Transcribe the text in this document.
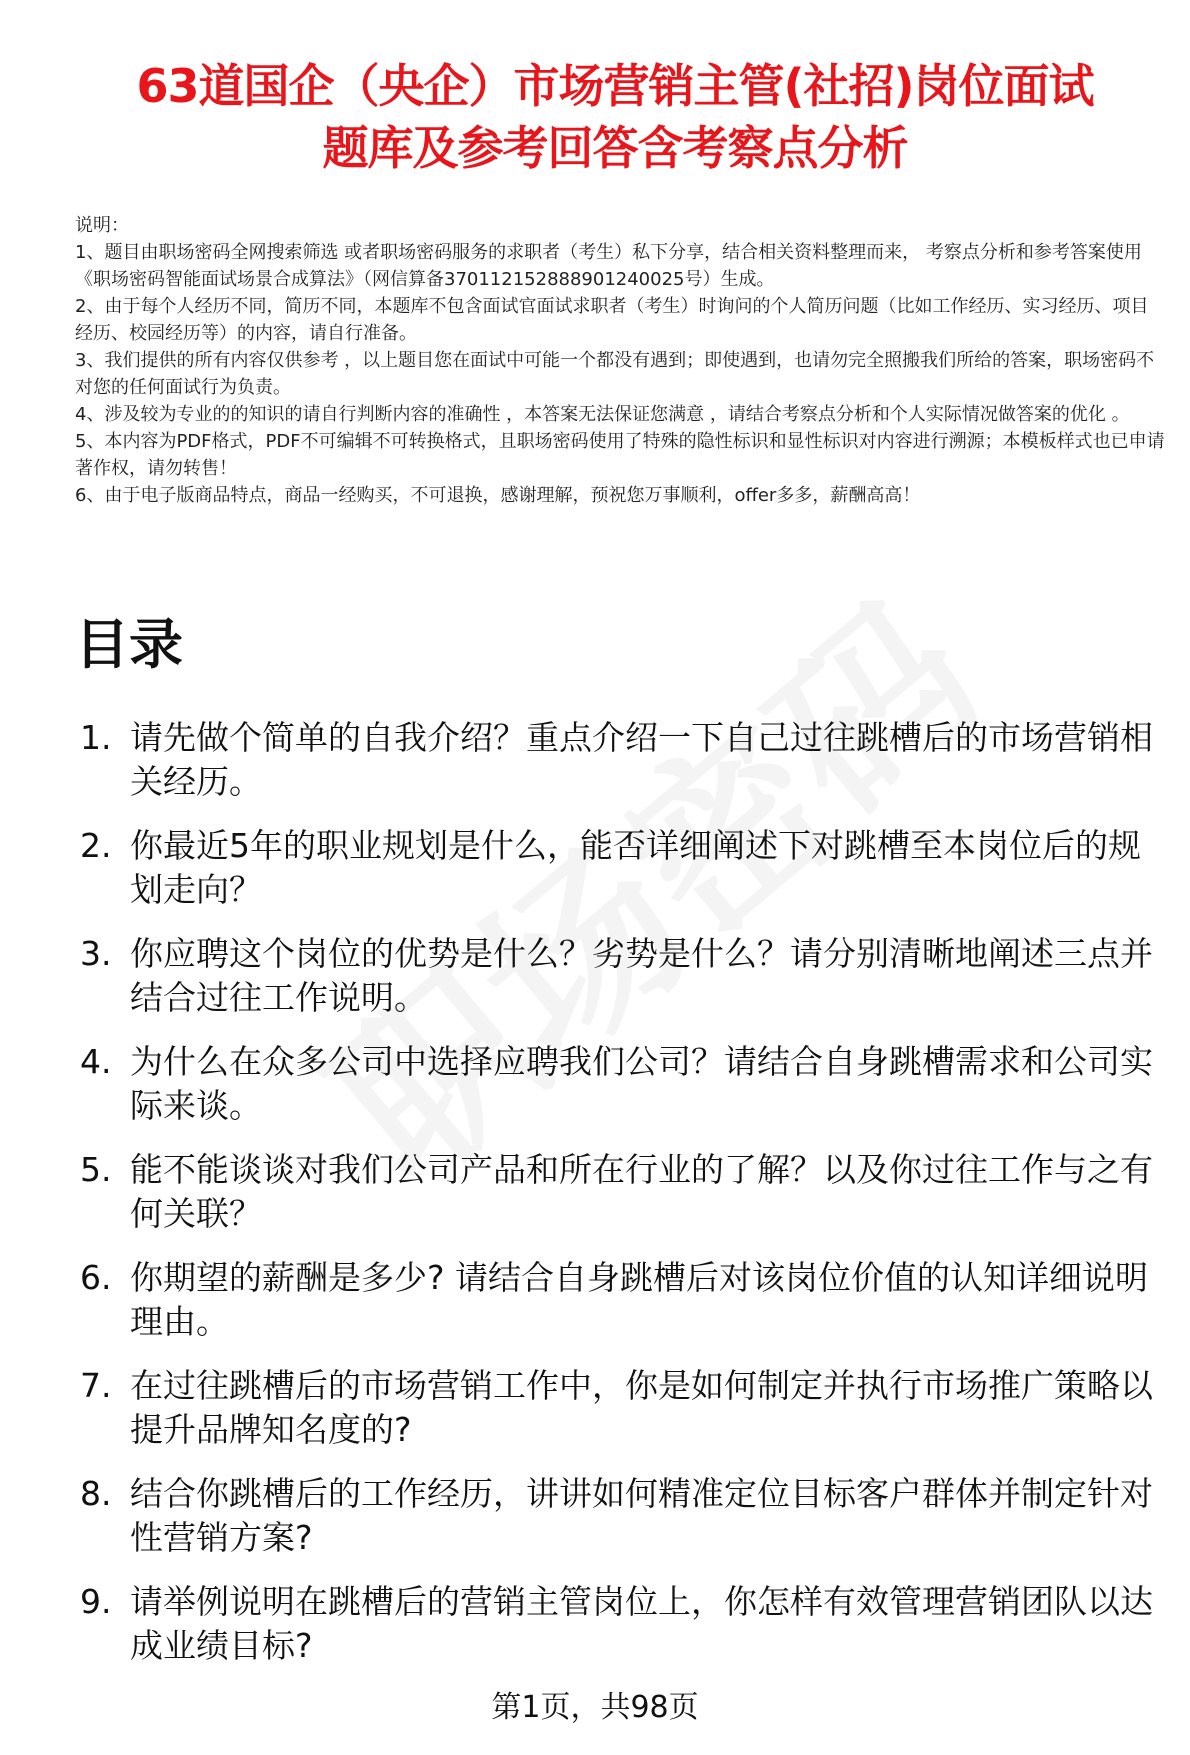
63道国企（央企）市场营销主管(社招)岗位面试
题库及参考回答含考察点分析
说明：
1、题目由职场密码全网搜索筛选 或者职场密码服务的求职者（考生）私下分享，结合相关资料整理而来， 考察点分析和参考答案使用《职场密码智能面试场景合成算法》（网信算备370112152888901240025号）生成。
2、由于每个人经历不同，简历不同，本题库不包含面试官面试求职者（考生）时询问的个人简历问题（比如工作经历、实习经历、项目经历、校园经历等）的内容，请自行准备。
3、我们提供的所有内容仅供参考 ，以上题目您在面试中可能一个都没有遇到；即使遇到，也请勿完全照搬我们所给的答案，职场密码不对您的任何面试行为负责。
4、涉及较为专业的的知识的请自行判断内容的准确性 ，本答案无法保证您满意 ，请结合考察点分析和个人实际情况做答案的优化 。
5、本内容为PDF格式，PDF不可编辑不可转换格式，且职场密码使用了特殊的隐性标识和显性标识对内容进行溯源；本模板样式也已申请著作权，请勿转售！
6、由于电子版商品特点，商品一经购买，不可退换，感谢理解，预祝您万事顺利，offer多多，薪酬高高！
目录
1. 请先做个简单的自我介绍？重点介绍一下自己过往跳槽后的市场营销相关经历。
2. 你最近5年的职业规划是什么，能否详细阐述下对跳槽至本岗位后的规划走向？
3. 你应聘这个岗位的优势是什么？劣势是什么？请分别清晰地阐述三点并结合过往工作说明。
4. 为什么在众多公司中选择应聘我们公司？请结合自身跳槽需求和公司实际来谈。
5. 能不能谈谈对我们公司产品和所在行业的了解？以及你过往工作与之有何关联？
6. 你期望的薪酬是多少? 请结合自身跳槽后对该岗位价值的认知详细说明理由。
7. 在过往跳槽后的市场营销工作中，你是如何制定并执行市场推广策略以提升品牌知名度的?
8. 结合你跳槽后的工作经历，讲讲如何精准定位目标客户群体并制定针对性营销方案?
9. 请举例说明在跳槽后的营销主管岗位上，你怎样有效管理营销团队以达成业绩目标?
第1页，共98页
